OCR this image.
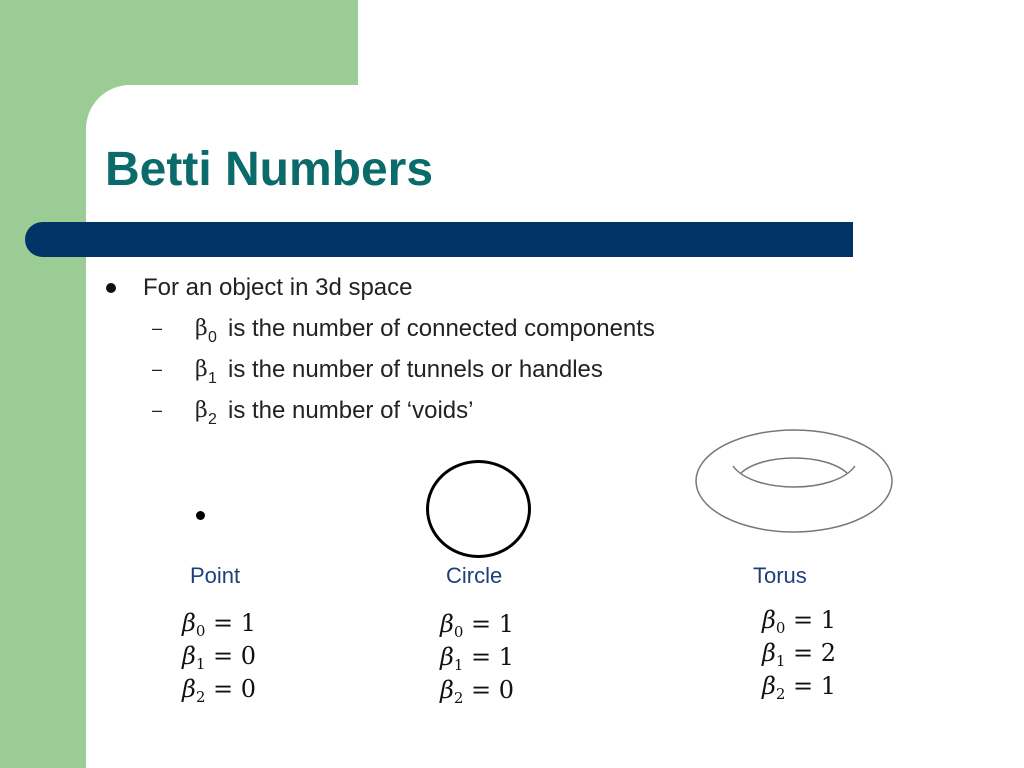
Betti Numbers
For an object in 3d space
– β 0 is the number of connected components
– β 1 is the number of tunnels or handles
– β 2 is the number of ‘voids’
Point	Circle	Torus
$\beta_0 = 1$
$\beta_1 = 0$
$\beta_2 = 0$
$\beta_0 = 1$
$\beta_1 = 1$
$\beta_2 = 0$
$\beta_0 = 1$
$\beta_1 = 2$
$\beta_2 = 1$
